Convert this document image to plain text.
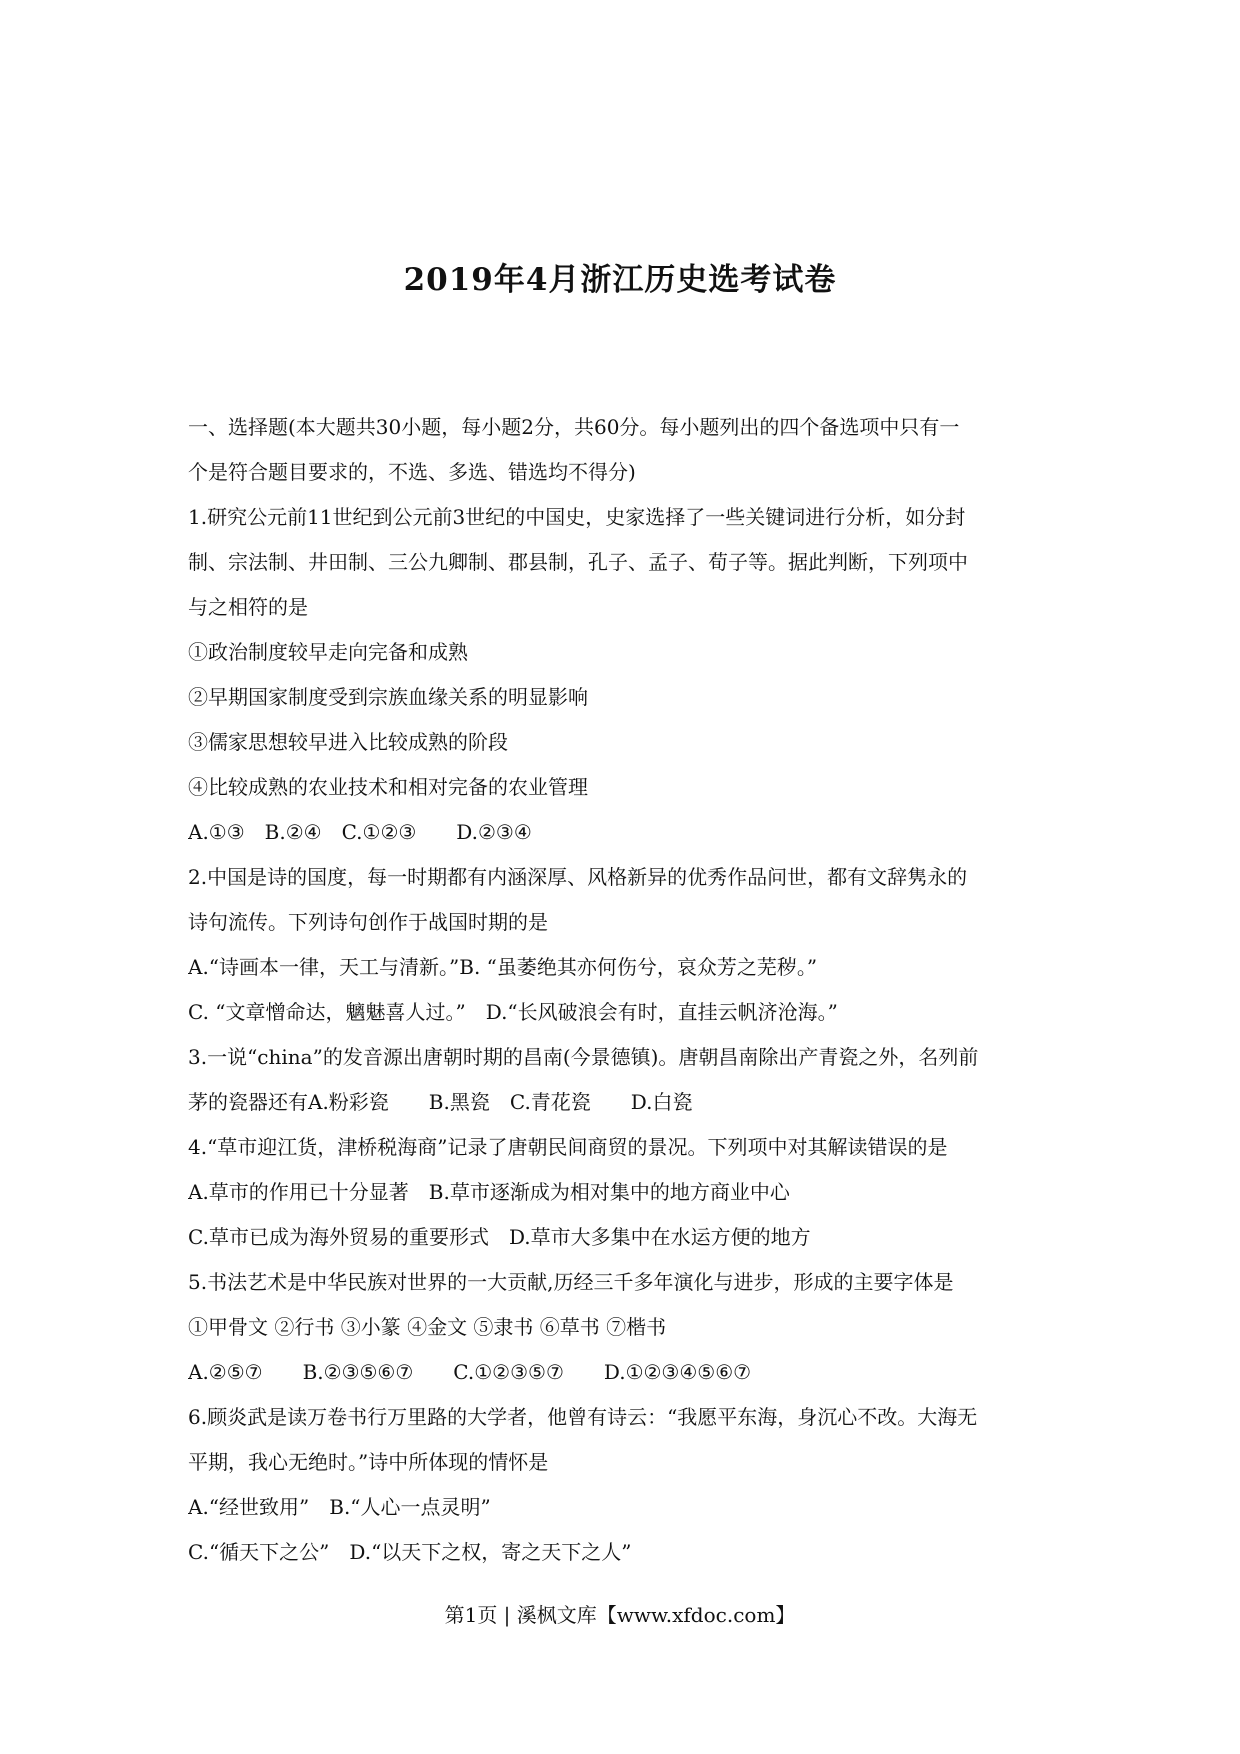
2019年4月浙江历史选考试卷
一、选择题(本大题共30小题，每小题2分，共60分。每小题列出的四个备选项中只有一
个是符合题目要求的，不选、多选、错选均不得分)
1.研究公元前11世纪到公元前3世纪的中国史，史家选择了一些关键词进行分析，如分封
制、宗法制、井田制、三公九卿制、郡县制，孔子、孟子、荀子等。据此判断，下列项中
与之相符的是
①政治制度较早走向完备和成熟
②早期国家制度受到宗族血缘关系的明显影响
③儒家思想较早进入比较成熟的阶段
④比较成熟的农业技术和相对完备的农业管理
A.①③　B.②④　C.①②③　　D.②③④
2.中国是诗的国度，每一时期都有内涵深厚、风格新异的优秀作品问世，都有文辞隽永的
诗句流传。下列诗句创作于战国时期的是
A.“诗画本一律，天工与清新。”B. “虽萎绝其亦何伤兮，哀众芳之芜秽。”
C. “文章憎命达，魑魅喜人过。”　D.“长风破浪会有时，直挂云帆济沧海。”
3.一说“china”的发音源出唐朝时期的昌南(今景德镇)。唐朝昌南除出产青瓷之外，名列前
茅的瓷器还有A.粉彩瓷　　B.黑瓷　C.青花瓷　　D.白瓷
4.“草市迎江货，津桥税海商”记录了唐朝民间商贸的景况。下列项中对其解读错误的是
A.草市的作用已十分显著　B.草市逐渐成为相对集中的地方商业中心
C.草市已成为海外贸易的重要形式　D.草市大多集中在水运方便的地方
5.书法艺术是中华民族对世界的一大贡献,历经三千多年演化与进步，形成的主要字体是
①甲骨文 ②行书 ③小篆 ④金文 ⑤隶书 ⑥草书 ⑦楷书
A.②⑤⑦　　B.②③⑤⑥⑦　　C.①②③⑤⑦　　D.①②③④⑤⑥⑦
6.顾炎武是读万卷书行万里路的大学者，他曾有诗云：“我愿平东海，身沉心不改。大海无
平期，我心无绝时。”诗中所体现的情怀是
A.“经世致用”　B.“人心一点灵明”
C.“循天下之公”　D.“以天下之权，寄之天下之人”
第1页 | 溪枫文库【www.xfdoc.com】
